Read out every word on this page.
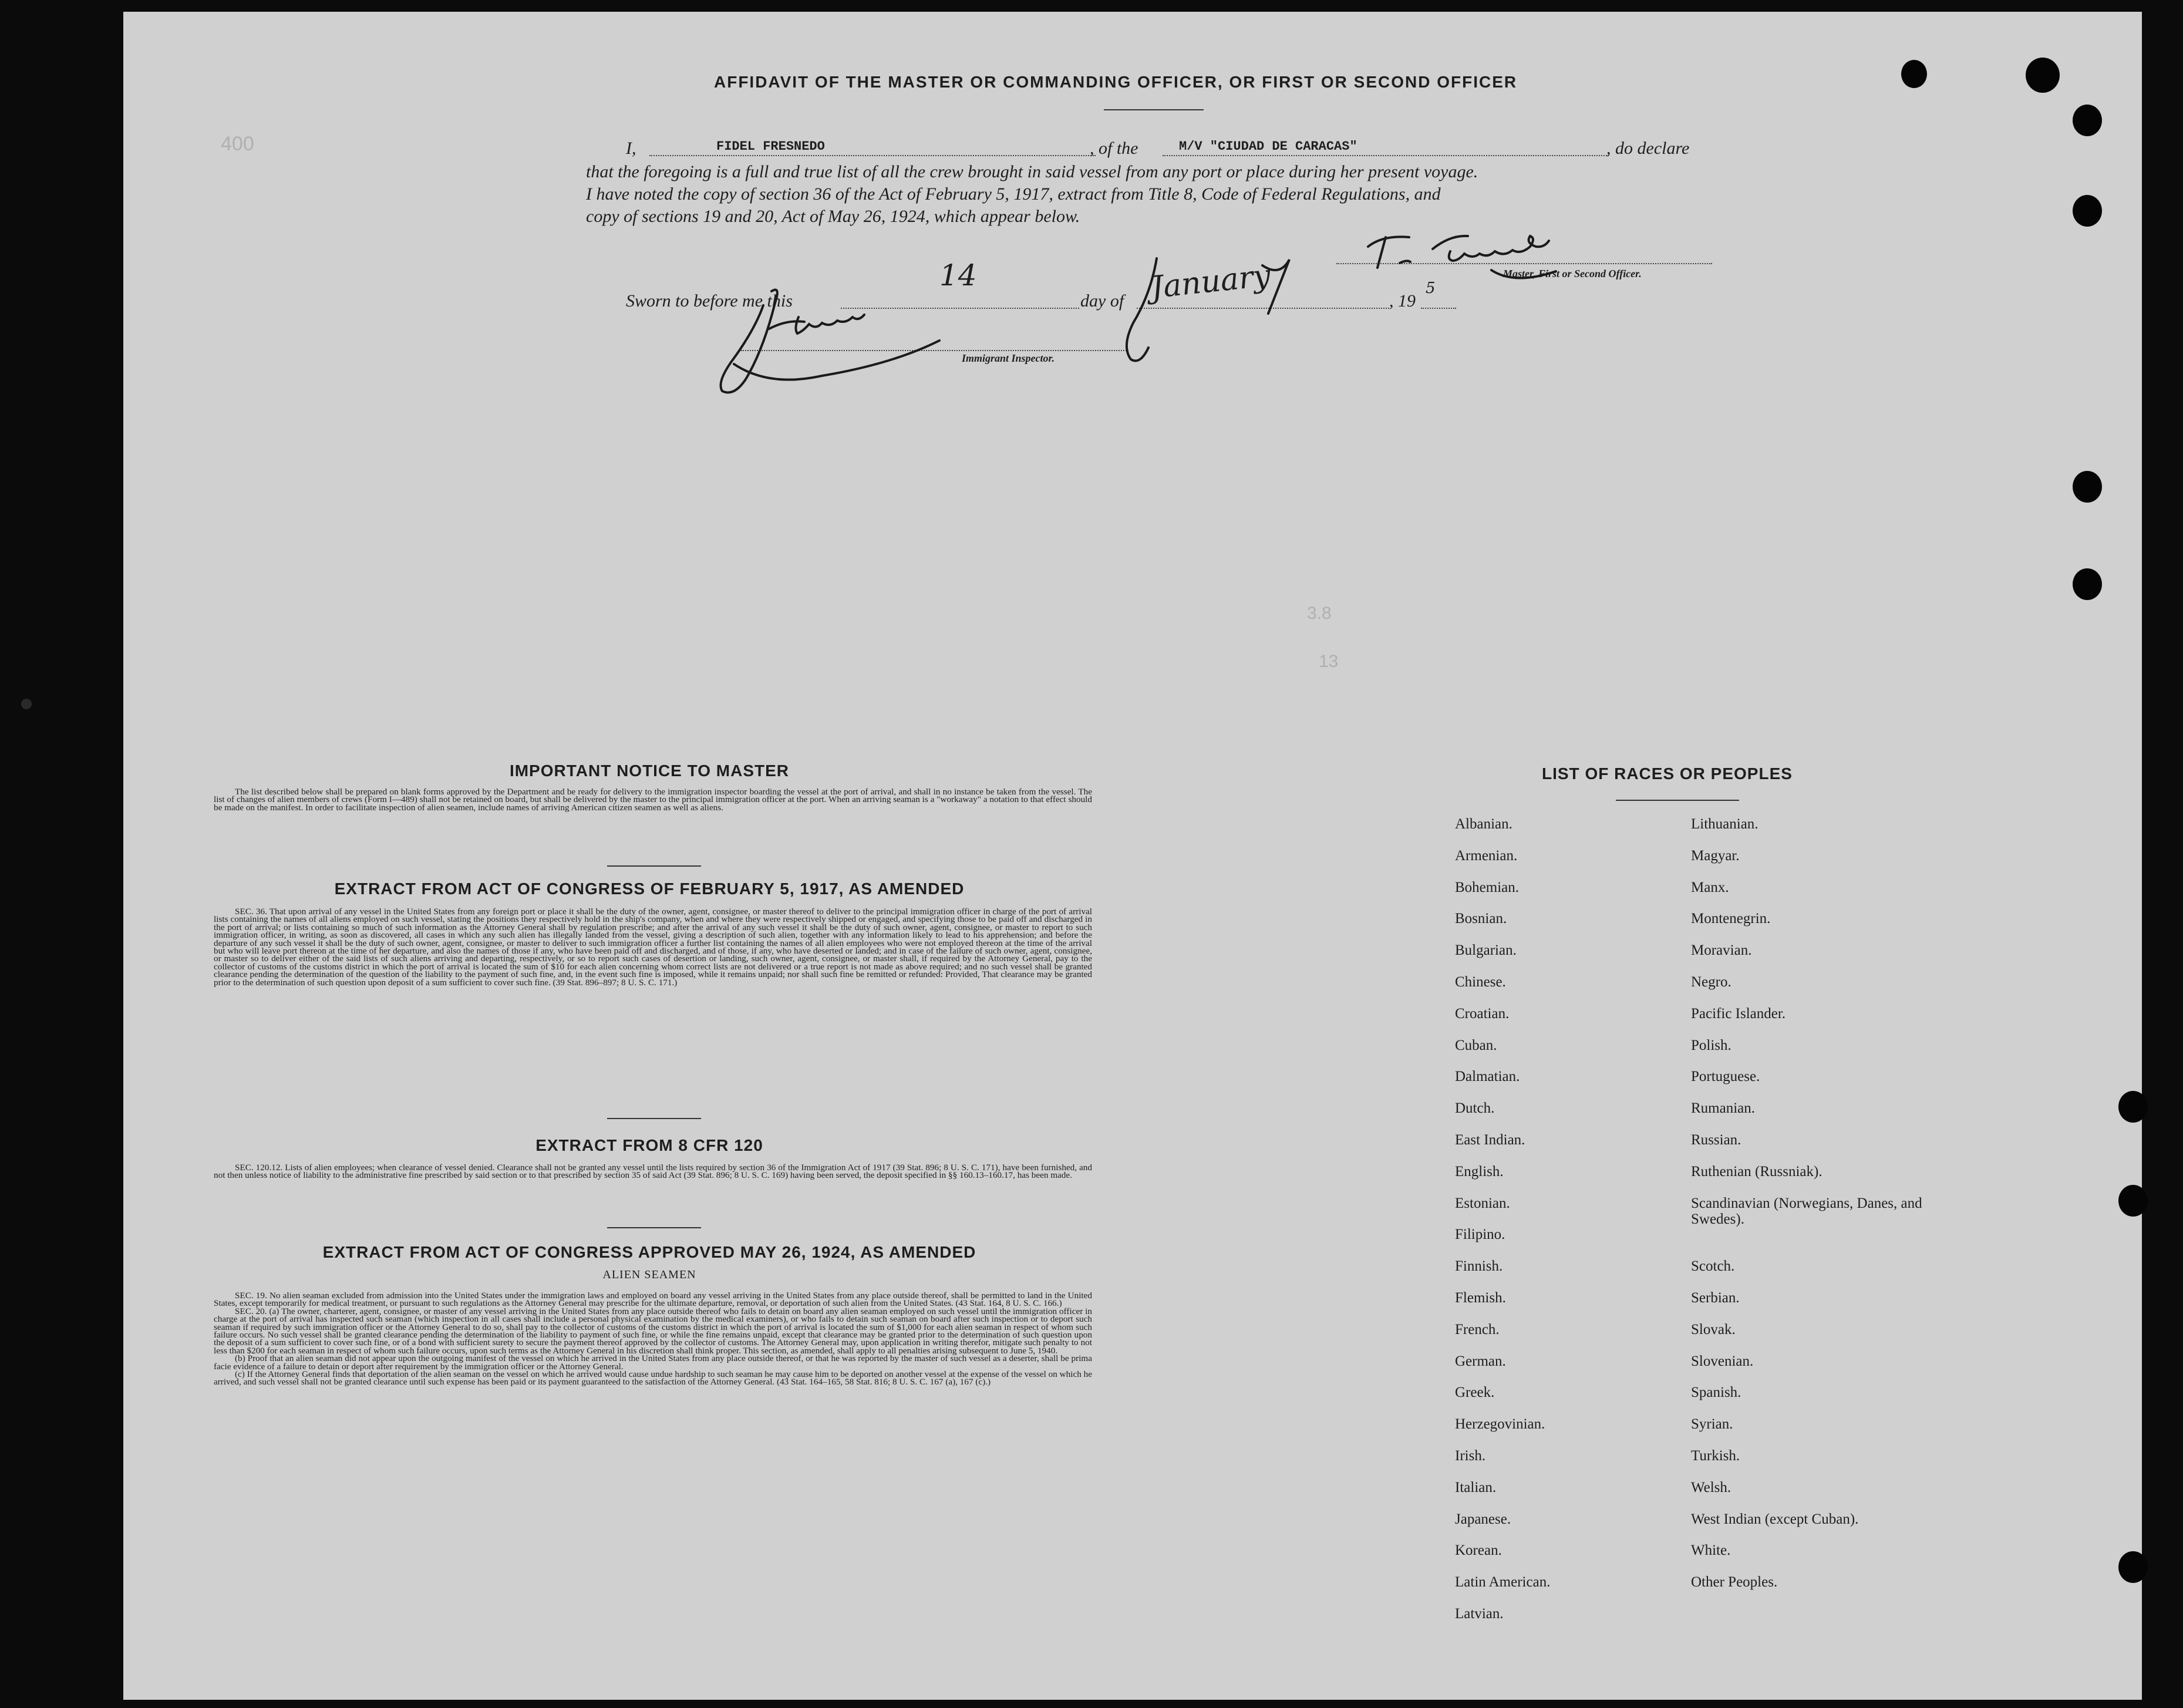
400
3.8
13
AFFIDAVIT OF THE MASTER OR COMMANDING OFFICER, OR FIRST OR SECOND OFFICER
I,	FIDEL FRESNEDO	, of the	M/V "CIUDAD DE CARACAS"	, do declare
that the foregoing is a full and true list of all the crew brought in said vessel from any port or place during her present voyage.
I have noted the copy of section 36 of the Act of February 5, 1917, extract from Title 8, Code of Federal Regulations, and
copy of sections 19 and 20, Act of May 26, 1924, which appear below.
Sworn to before me this
14
day of January	, 19
5
Master, First or Second Officer.
Immigrant Inspector.
IMPORTANT NOTICE TO MASTER

The list described below shall be prepared on blank forms approved by the Department and be ready for delivery to the immigration inspector boarding the vessel at the port of arrival, and shall in no instance be taken from the vessel. The list of changes of alien members of crews (Form I—489) shall not be retained on board, but shall be delivered by the master to the principal immigration officer at the port. When an arriving seaman is a "workaway" a notation to that effect should be made on the manifest. In order to facilitate inspection of alien seamen, include names of arriving American citizen seamen as well as aliens.

EXTRACT FROM ACT OF CONGRESS OF FEBRUARY 5, 1917, AS AMENDED

SEC. 36. That upon arrival of any vessel in the United States from any foreign port or place it shall be the duty of the owner, agent, consignee, or master thereof to deliver to the principal immigration officer in charge of the port of arrival lists containing the names of all aliens employed on such vessel, stating the positions they respectively hold in the ship's company, when and where they were respectively shipped or engaged, and specifying those to be paid off and discharged in the port of arrival; or lists containing so much of such information as the Attorney General shall by regulation prescribe; and after the arrival of any such vessel it shall be the duty of such owner, agent, consignee, or master to report to such immigration officer, in writing, as soon as discovered, all cases in which any such alien has illegally landed from the vessel, giving a description of such alien, together with any information likely to lead to his apprehension; and before the departure of any such vessel it shall be the duty of such owner, agent, consignee, or master to deliver to such immigration officer a further list containing the names of all alien employees who were not employed thereon at the time of the arrival but who will leave port thereon at the time of her departure, and also the names of those if any, who have been paid off and discharged, and of those, if any, who have deserted or landed; and in case of the failure of such owner, agent, consignee, or master so to deliver either of the said lists of such aliens arriving and departing, respectively, or so to report such cases of desertion or landing, such owner, agent, consignee, or master shall, if required by the Attorney General, pay to the collector of customs of the customs district in which the port of arrival is located the sum of $10 for each alien concerning whom correct lists are not delivered or a true report is not made as above required; and no such vessel shall be granted clearance pending the determination of the question of the liability to the payment of such fine, and, in the event such fine is imposed, while it remains unpaid; nor shall such fine be remitted or refunded: Provided, That clearance may be granted prior to the determination of such question upon deposit of a sum sufficient to cover such fine. (39 Stat. 896–897; 8 U. S. C. 171.)

EXTRACT FROM 8 CFR 120

SEC. 120.12. Lists of alien employees; when clearance of vessel denied. Clearance shall not be granted any vessel until the lists required by section 36 of the Immigration Act of 1917 (39 Stat. 896; 8 U. S. C. 171), have been furnished, and not then unless notice of liability to the administrative fine prescribed by said section or to that prescribed by section 35 of said Act (39 Stat. 896; 8 U. S. C. 169) having been served, the deposit specified in §§ 160.13–160.17, has been made.

EXTRACT FROM ACT OF CONGRESS APPROVED MAY 26, 1924, AS AMENDED
ALIEN SEAMEN

SEC. 19. No alien seaman excluded from admission into the United States under the immigration laws and employed on board any vessel arriving in the United States from any place outside thereof, shall be permitted to land in the United States, except temporarily for medical treatment, or pursuant to such regulations as the Attorney General may prescribe for the ultimate departure, removal, or deportation of such alien from the United States. (43 Stat. 164, 8 U. S. C. 166.)

SEC. 20. (a) The owner, charterer, agent, consignee, or master of any vessel arriving in the United States from any place outside thereof who fails to detain on board any alien seaman employed on such vessel until the immigration officer in charge at the port of arrival has inspected such seaman (which inspection in all cases shall include a personal physical examination by the medical examiners), or who fails to detain such seaman on board after such inspection or to deport such seaman if required by such immigration officer or the Attorney General to do so, shall pay to the collector of customs of the customs district in which the port of arrival is located the sum of $1,000 for each alien seaman in respect of whom such failure occurs. No such vessel shall be granted clearance pending the determination of the liability to payment of such fine, or while the fine remains unpaid, except that clearance may be granted prior to the determination of such question upon the deposit of a sum sufficient to cover such fine, or of a bond with sufficient surety to secure the payment thereof approved by the collector of customs. The Attorney General may, upon application in writing therefor, mitigate such penalty to not less than $200 for each seaman in respect of whom such failure occurs, upon such terms as the Attorney General in his discretion shall think proper. This section, as amended, shall apply to all penalties arising subsequent to June 5, 1940.

(b) Proof that an alien seaman did not appear upon the outgoing manifest of the vessel on which he arrived in the United States from any place outside thereof, or that he was reported by the master of such vessel as a deserter, shall be prima facie evidence of a failure to detain or deport after requirement by the immigration officer or the Attorney General.

(c) If the Attorney General finds that deportation of the alien seaman on the vessel on which he arrived would cause undue hardship to such seaman he may cause him to be deported on another vessel at the expense of the vessel on which he arrived, and such vessel shall not be granted clearance until such expense has been paid or its payment guaranteed to the satisfaction of the Attorney General. (43 Stat. 164–165, 58 Stat. 816; 8 U. S. C. 167 (a), 167 (c).)

LIST OF RACES OR PEOPLES
Albanian.
Armenian.
Bohemian.
Bosnian.
Bulgarian.
Chinese.
Croatian.
Cuban.
Dalmatian.
Dutch.
East Indian.
English.
Estonian.
Filipino.
Finnish.
Flemish.
French.
German.
Greek.
Herzegovinian.
Irish.
Italian.
Japanese.
Korean.
Latin American.
Latvian.
Lithuanian.
Magyar.
Manx.
Montenegrin.
Moravian.
Negro.
Pacific Islander.
Polish.
Portuguese.
Rumanian.
Russian.
Ruthenian (Russniak).
Scandinavian (Norwegians, Danes, and Swedes).
Scotch.
Serbian.
Slovak.
Slovenian.
Spanish.
Syrian.
Turkish.
Welsh.
West Indian (except Cuban).
White.
Other Peoples.
